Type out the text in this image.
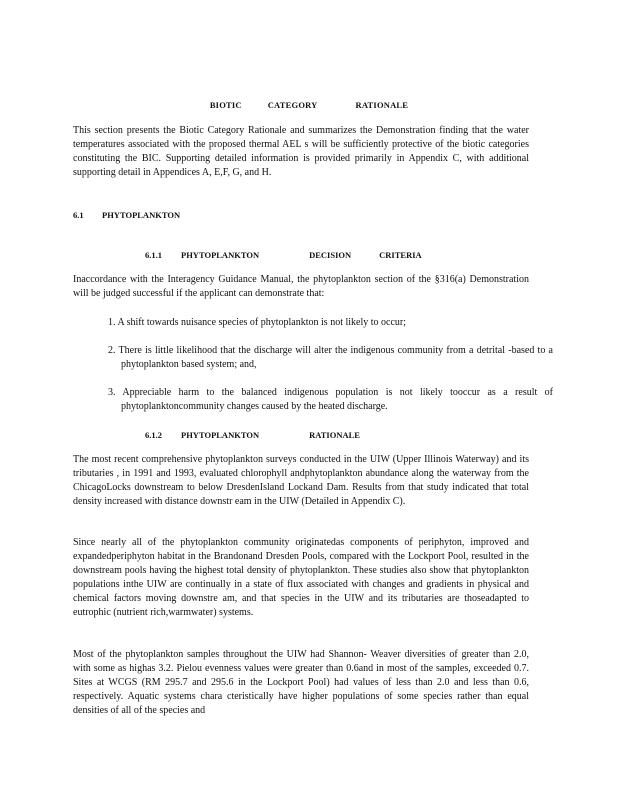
BIOTIC	CATEGORY	RATIONALE

This section presents the Biotic Category Rationale and summarizes the Demonstration finding that the water temperatures associated with the proposed thermal AEL s will be sufficiently protective of the biotic categories constituting the BIC. Supporting detailed information is provided primarily in Appendix C, with additional supporting detail in Appendices A, E,F, G, and H.

6.1 PHYTOPLANKTON
6.1.1 PHYTOPLANKTON	DECISION	CRITERIA

Inaccordance with the Interagency Guidance Manual, the phytoplankton section of the §316(a) Demonstration will be judged successful if the applicant can demonstrate that:

1. A shift towards nuisance species of phytoplankton is not likely to occur;
2. There is little likelihood that the discharge will alter the indigenous community from a detrital -based to a phytoplankton based system; and,
3. Appreciable harm to the balanced indigenous population is not likely tooccur as a result of phytoplanktoncommunity changes caused by the heated discharge.
6.1.2 PHYTOPLANKTON	RATIONALE

The most recent comprehensive phytoplankton surveys conducted in the UIW (Upper Illinois Waterway) and its tributaries , in 1991 and 1993, evaluated chlorophyll andphytoplankton abundance along the waterway from the ChicagoLocks downstream to below DresdenIsland Lockand Dam. Results from that study indicated that total density increased with distance downstr eam in the UIW (Detailed in Appendix C).

Since nearly all of the phytoplankton community originatedas components of periphyton, improved and expandedperiphyton habitat in the Brandonand Dresden Pools, compared with the Lockport Pool, resulted in the downstream pools having the highest total density of phytoplankton. These studies also show that phytoplankton populations inthe UIW are continually in a state of flux associated with changes and gradients in physical and chemical factors moving downstre am, and that species in the UIW and its tributaries are thoseadapted to eutrophic (nutrient rich,warmwater) systems.

Most of the phytoplankton samples throughout the UIW had Shannon- Weaver diversities of greater than 2.0, with some as highas 3.2. Pielou evenness values were greater than 0.6and in most of the samples, exceeded 0.7. Sites at WCGS (RM 295.7 and 295.6 in the Lockport Pool) had values of less than 2.0 and less than 0.6, respectively. Aquatic systems chara cteristically have higher populations of some species rather than equal densities of all of the species and
